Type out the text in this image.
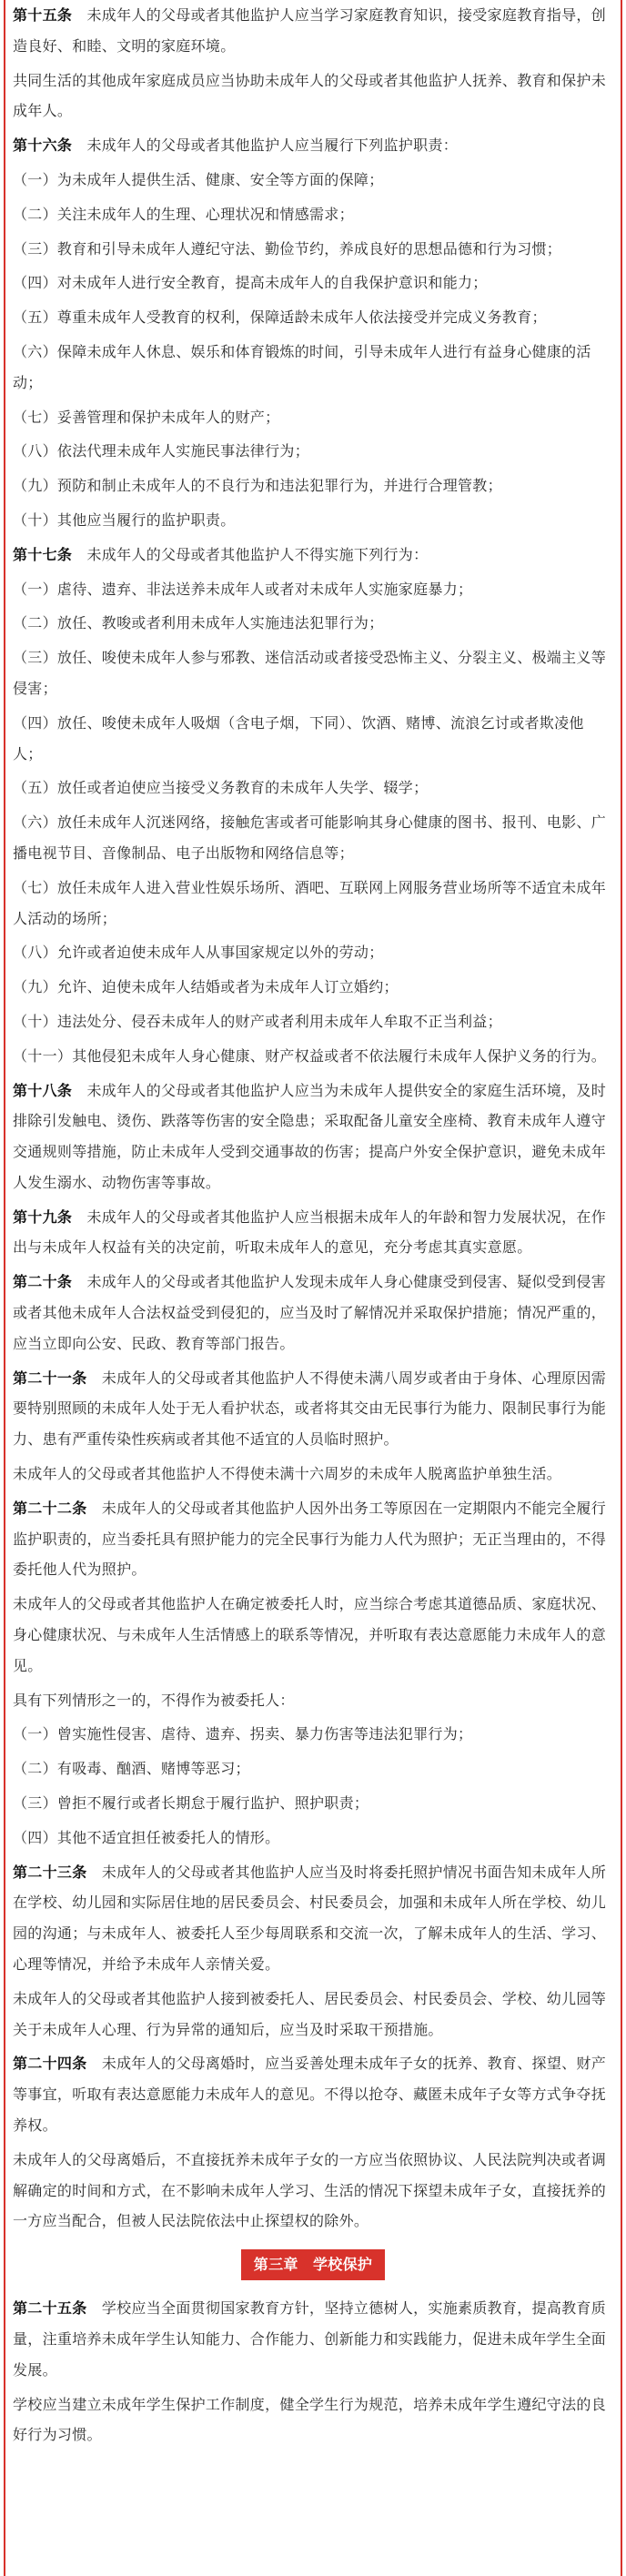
第十五条　未成年人的父母或者其他监护人应当学习家庭教育知识，接受家庭教育指导，创造良好、和睦、文明的家庭环境。

共同生活的其他成年家庭成员应当协助未成年人的父母或者其他监护人抚养、教育和保护未成年人。

第十六条　未成年人的父母或者其他监护人应当履行下列监护职责：

（一）为未成年人提供生活、健康、安全等方面的保障；

（二）关注未成年人的生理、心理状况和情感需求；

（三）教育和引导未成年人遵纪守法、勤俭节约，养成良好的思想品德和行为习惯；

（四）对未成年人进行安全教育，提高未成年人的自我保护意识和能力；

（五）尊重未成年人受教育的权利，保障适龄未成年人依法接受并完成义务教育；

（六）保障未成年人休息、娱乐和体育锻炼的时间，引导未成年人进行有益身心健康的活动；

（七）妥善管理和保护未成年人的财产；

（八）依法代理未成年人实施民事法律行为；

（九）预防和制止未成年人的不良行为和违法犯罪行为，并进行合理管教；

（十）其他应当履行的监护职责。

第十七条　未成年人的父母或者其他监护人不得实施下列行为：

（一）虐待、遗弃、非法送养未成年人或者对未成年人实施家庭暴力；

（二）放任、教唆或者利用未成年人实施违法犯罪行为；

（三）放任、唆使未成年人参与邪教、迷信活动或者接受恐怖主义、分裂主义、极端主义等侵害；

（四）放任、唆使未成年人吸烟（含电子烟，下同）、饮酒、赌博、流浪乞讨或者欺凌他人；

（五）放任或者迫使应当接受义务教育的未成年人失学、辍学；

（六）放任未成年人沉迷网络，接触危害或者可能影响其身心健康的图书、报刊、电影、广播电视节目、音像制品、电子出版物和网络信息等；

（七）放任未成年人进入营业性娱乐场所、酒吧、互联网上网服务营业场所等不适宜未成年人活动的场所；

（八）允许或者迫使未成年人从事国家规定以外的劳动；

（九）允许、迫使未成年人结婚或者为未成年人订立婚约；

（十）违法处分、侵吞未成年人的财产或者利用未成年人牟取不正当利益；

（十一）其他侵犯未成年人身心健康、财产权益或者不依法履行未成年人保护义务的行为。

第十八条　未成年人的父母或者其他监护人应当为未成年人提供安全的家庭生活环境，及时排除引发触电、烫伤、跌落等伤害的安全隐患；采取配备儿童安全座椅、教育未成年人遵守交通规则等措施，防止未成年人受到交通事故的伤害；提高户外安全保护意识，避免未成年人发生溺水、动物伤害等事故。

第十九条　未成年人的父母或者其他监护人应当根据未成年人的年龄和智力发展状况，在作出与未成年人权益有关的决定前，听取未成年人的意见，充分考虑其真实意愿。

第二十条　未成年人的父母或者其他监护人发现未成年人身心健康受到侵害、疑似受到侵害或者其他未成年人合法权益受到侵犯的，应当及时了解情况并采取保护措施；情况严重的，应当立即向公安、民政、教育等部门报告。

第二十一条　未成年人的父母或者其他监护人不得使未满八周岁或者由于身体、心理原因需要特别照顾的未成年人处于无人看护状态，或者将其交由无民事行为能力、限制民事行为能力、患有严重传染性疾病或者其他不适宜的人员临时照护。

未成年人的父母或者其他监护人不得使未满十六周岁的未成年人脱离监护单独生活。

第二十二条　未成年人的父母或者其他监护人因外出务工等原因在一定期限内不能完全履行监护职责的，应当委托具有照护能力的完全民事行为能力人代为照护；无正当理由的，不得委托他人代为照护。

未成年人的父母或者其他监护人在确定被委托人时，应当综合考虑其道德品质、家庭状况、身心健康状况、与未成年人生活情感上的联系等情况，并听取有表达意愿能力未成年人的意见。

具有下列情形之一的，不得作为被委托人：

（一）曾实施性侵害、虐待、遗弃、拐卖、暴力伤害等违法犯罪行为；

（二）有吸毒、酗酒、赌博等恶习；

（三）曾拒不履行或者长期怠于履行监护、照护职责；

（四）其他不适宜担任被委托人的情形。

第二十三条　未成年人的父母或者其他监护人应当及时将委托照护情况书面告知未成年人所在学校、幼儿园和实际居住地的居民委员会、村民委员会，加强和未成年人所在学校、幼儿园的沟通；与未成年人、被委托人至少每周联系和交流一次，了解未成年人的生活、学习、心理等情况，并给予未成年人亲情关爱。

未成年人的父母或者其他监护人接到被委托人、居民委员会、村民委员会、学校、幼儿园等关于未成年人心理、行为异常的通知后，应当及时采取干预措施。

第二十四条　未成年人的父母离婚时，应当妥善处理未成年子女的抚养、教育、探望、财产等事宜，听取有表达意愿能力未成年人的意见。不得以抢夺、藏匿未成年子女等方式争夺抚养权。

未成年人的父母离婚后，不直接抚养未成年子女的一方应当依照协议、人民法院判决或者调解确定的时间和方式，在不影响未成年人学习、生活的情况下探望未成年子女，直接抚养的一方应当配合，但被人民法院依法中止探望权的除外。

第三章　学校保护

第二十五条　学校应当全面贯彻国家教育方针，坚持立德树人，实施素质教育，提高教育质量，注重培养未成年学生认知能力、合作能力、创新能力和实践能力，促进未成年学生全面发展。

学校应当建立未成年学生保护工作制度，健全学生行为规范，培养未成年学生遵纪守法的良好行为习惯。
